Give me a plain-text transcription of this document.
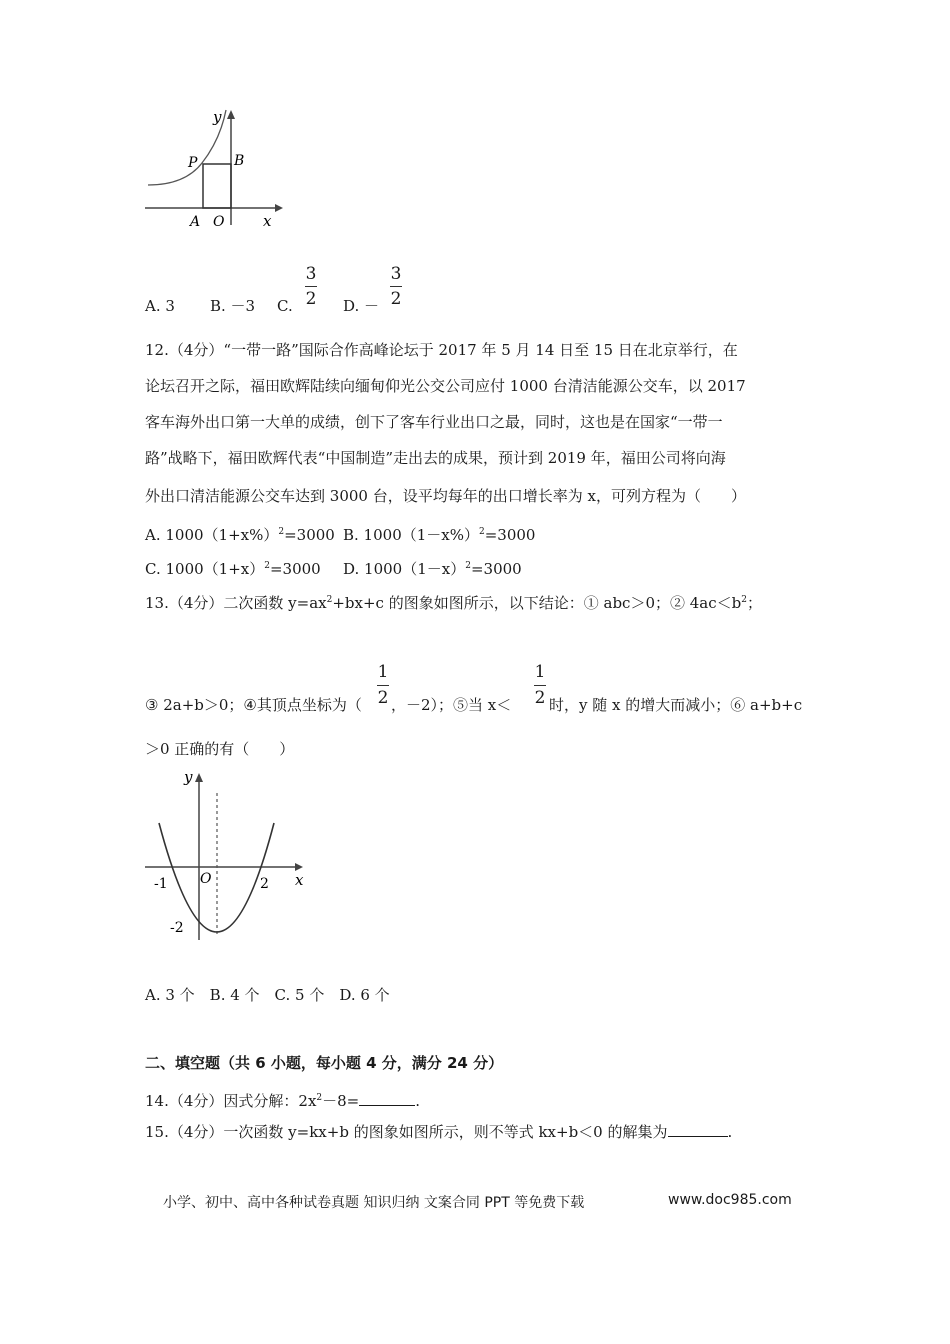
y
P	B
A O	x
A. 3 B. －3 C.
3
2 D. －
3
2
12.（4分）“一带一路”国际合作高峰论坛于 2017 年 5 月 14 日至 15 日在北京举行，在
论坛召开之际，福田欧辉陆续向缅甸仰光公交公司应付 1000 台清洁能源公交车，以 2017
客车海外出口第一大单的成绩，创下了客车行业出口之最，同时，这也是在国家“一带一
路”战略下，福田欧辉代表“中国制造”走出去的成果，预计到 2019 年，福田公司将向海
外出口清洁能源公交车达到 3000 台，设平均每年的出口增长率为 x，可列方程为（　　）
A. $1000(1+x\%)^2=3000$ B. $1000(1-x\%)^2=3000$
C. $1000(1+x)^2=3000$ D. $1000(1-x)^2=3000$
13.（4分）二次函数 $y=ax^2+bx+c$ 的图象如图所示，以下结论：① abc＞0；② $4ac<b^2$；
③ 2a+b＞0；④其顶点坐标为（
1
2 ，－2）；⑤当 x＜
1
2 时，y 随 x 的增大而减小；⑥ a+b+c
＞0 正确的有（　　）
y
O
-1	2
-2
x
A. 3 个　B. 4 个　C. 5 个　D. 6 个
二、填空题（共 6 小题，每小题 4 分，满分 24 分）
14.（4分）因式分解：$2x^2-8=$	.
15.（4分）一次函数 y=kx+b 的图象如图所示，则不等式 kx+b＜0 的解集为	.
小学、初中、高中各种试卷真题 知识归纳 文案合同 PPT 等免费下载	www.doc985.com
